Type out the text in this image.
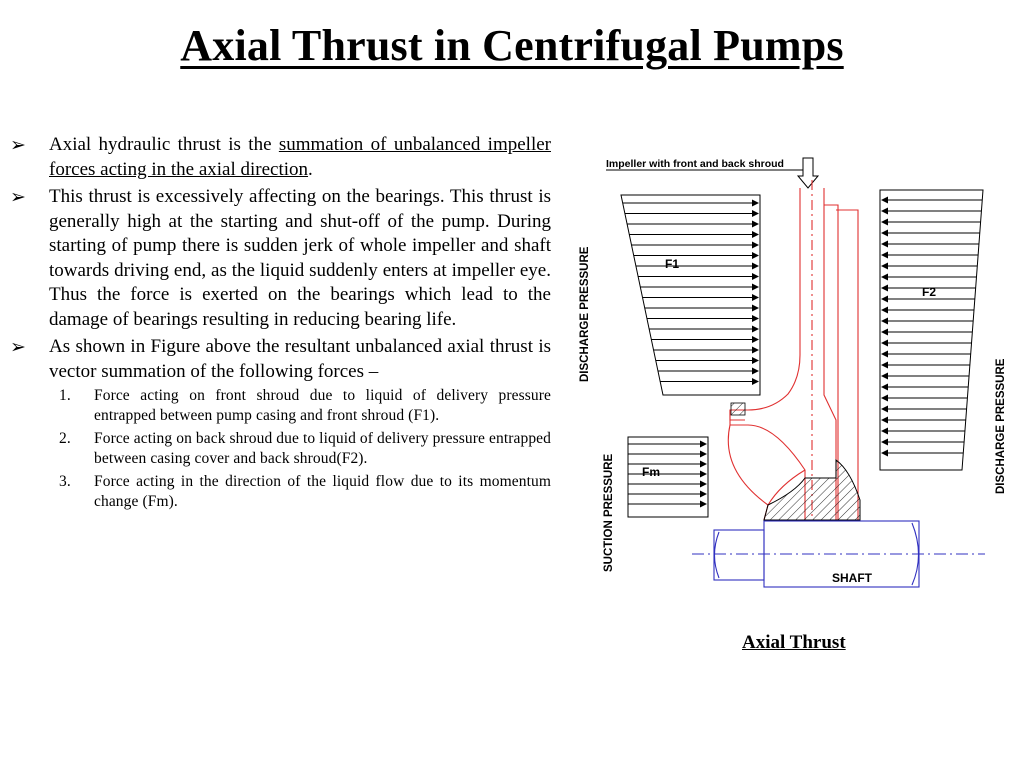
Axial Thrust in Centrifugal Pumps
➢ Axial hydraulic thrust is the summation of unbalanced impeller forces acting in the axial direction.
➢ This thrust is excessively affecting on the bearings. This thrust is generally high at the starting and shut-off of the pump. During starting of pump there is sudden jerk of whole impeller and shaft towards driving end, as the liquid suddenly enters at impeller eye. Thus the force is exerted on the bearings which lead to the damage of bearings resulting in reducing bearing life.
➢ As shown in Figure above the resultant unbalanced axial thrust is vector summation of the following forces –
1. Force acting on front shroud due to liquid of delivery pressure entrapped between pump casing and front shroud (F1).
2. Force acting on back shroud due to liquid of delivery pressure entrapped between casing cover and back shroud(F2).
3. Force acting in the direction of the liquid flow due to its momentum change (Fm).
Impeller with front and back shroud
F1
F2
Fm
DISCHARGE PRESSURE
DISCHARGE PRESSURE
SUCTION PRESSURE
SHAFT
Axial Thrust
